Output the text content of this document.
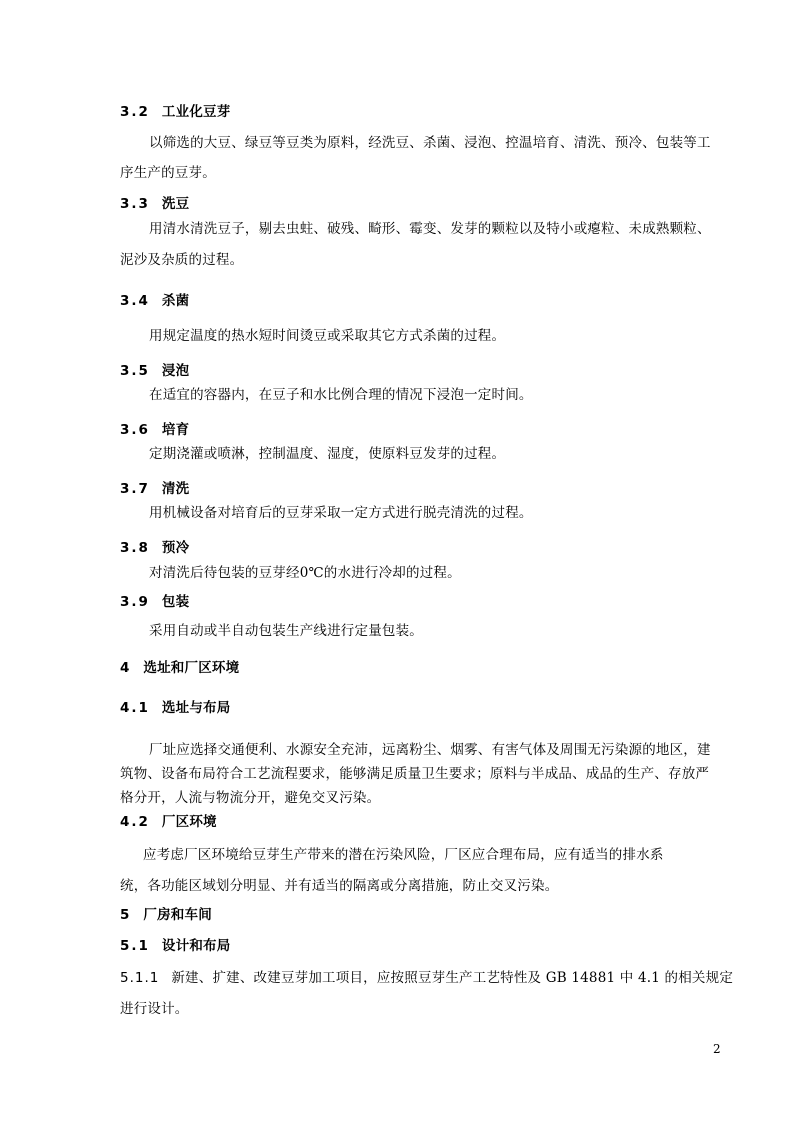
3.2 工业化豆芽
以筛选的大豆、绿豆等豆类为原料，经洗豆、杀菌、浸泡、控温培育、清洗、预冷、包装等工
序生产的豆芽。
3.3 洗豆
用清水清洗豆子，剔去虫蛀、破残、畸形、霉变、发芽的颗粒以及特小或瘪粒、未成熟颗粒、
泥沙及杂质的过程。
3.4 杀菌
用规定温度的热水短时间烫豆或采取其它方式杀菌的过程。
3.5 浸泡
在适宜的容器内，在豆子和水比例合理的情况下浸泡一定时间。
3.6 培育
定期浇灌或喷淋，控制温度、湿度，使原料豆发芽的过程。
3.7 清洗
用机械设备对培育后的豆芽采取一定方式进行脱壳清洗的过程。
3.8 预冷
对清洗后待包装的豆芽经0℃的水进行冷却的过程。
3.9 包装
采用自动或半自动包装生产线进行定量包装。
4 选址和厂区环境
4.1 选址与布局
厂址应选择交通便利、水源安全充沛，远离粉尘、烟雾、有害气体及周围无污染源的地区，建
筑物、设备布局符合工艺流程要求，能够满足质量卫生要求；原料与半成品、成品的生产、存放严
格分开，人流与物流分开，避免交叉污染。
4.2 厂区环境
应考虑厂区环境给豆芽生产带来的潜在污染风险，厂区应合理布局，应有适当的排水系
统，各功能区域划分明显、并有适当的隔离或分离措施，防止交叉污染。
5 厂房和车间
5.1 设计和布局
5.1.1 新建、扩建、改建豆芽加工项目，应按照豆芽生产工艺特性及 GB 14881 中 4.1 的相关规定
进行设计。
2
